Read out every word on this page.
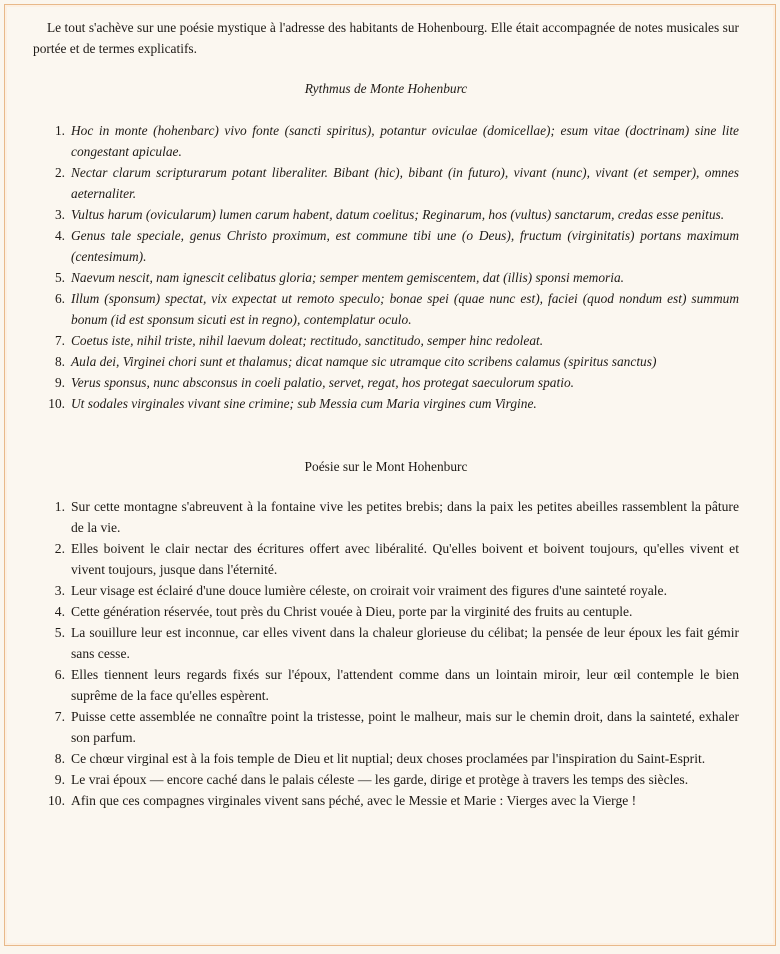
Le tout s'achève sur une poésie mystique à l'adresse des habitants de Hohenbourg. Elle était accompagnée de notes musicales sur portée et de termes explicatifs.

Rythmus de Monte Hohenburc
1. Hoc in monte (hohenbarc) vivo fonte (sancti spiritus), potantur oviculae (domicellae); esum vitae (doctrinam) sine lite congestant apiculae.
2. Nectar clarum scripturarum potant liberaliter. Bibant (hic), bibant (in futuro), vivant (nunc), vivant (et semper), omnes aeternaliter.
3. Vultus harum (ovicularum) lumen carum habent, datum coelitus; Reginarum, hos (vultus) sanctarum, credas esse penitus.
4. Genus tale speciale, genus Christo proximum, est commune tibi une (o Deus), fructum (virginitatis) portans maximum (centesimum).
5. Naevum nescit, nam ignescit celibatus gloria; semper mentem gemiscentem, dat (illis) sponsi memoria.
6. Illum (sponsum) spectat, vix expectat ut remoto speculo; bonae spei (quae nunc est), faciei (quod nondum est) summum bonum (id est sponsum sicuti est in regno), contemplatur oculo.
7. Coetus iste, nihil triste, nihil laevum doleat; rectitudo, sanctitudo, semper hinc redoleat.
8. Aula dei, Virginei chori sunt et thalamus; dicat namque sic utramque cito scribens calamus (spiritus sanctus)
9. Verus sponsus, nunc absconsus in coeli palatio, servet, regat, hos protegat saeculorum spatio.
10. Ut sodales virginales vivant sine crimine; sub Messia cum Maria virgines cum Virgine.
Poésie sur le Mont Hohenburc
1. Sur cette montagne s'abreuvent à la fontaine vive les petites brebis; dans la paix les petites abeilles rassemblent la pâture de la vie.
2. Elles boivent le clair nectar des écritures offert avec libéralité. Qu'elles boivent et boivent toujours, qu'elles vivent et vivent toujours, jusque dans l'éternité.
3. Leur visage est éclairé d'une douce lumière céleste, on croirait voir vraiment des figures d'une sainteté royale.
4. Cette génération réservée, tout près du Christ vouée à Dieu, porte par la virginité des fruits au centuple.
5. La souillure leur est inconnue, car elles vivent dans la chaleur glorieuse du célibat; la pensée de leur époux les fait gémir sans cesse.
6. Elles tiennent leurs regards fixés sur l'époux, l'attendent comme dans un lointain miroir, leur œil contemple le bien suprême de la face qu'elles espèrent.
7. Puisse cette assemblée ne connaître point la tristesse, point le malheur, mais sur le chemin droit, dans la sainteté, exhaler son parfum.
8. Ce chœur virginal est à la fois temple de Dieu et lit nuptial; deux choses proclamées par l'inspiration du Saint-Esprit.
9. Le vrai époux — encore caché dans le palais céleste — les garde, dirige et protège à travers les temps des siècles.
10. Afin que ces compagnes virginales vivent sans péché, avec le Messie et Marie : Vierges avec la Vierge !
